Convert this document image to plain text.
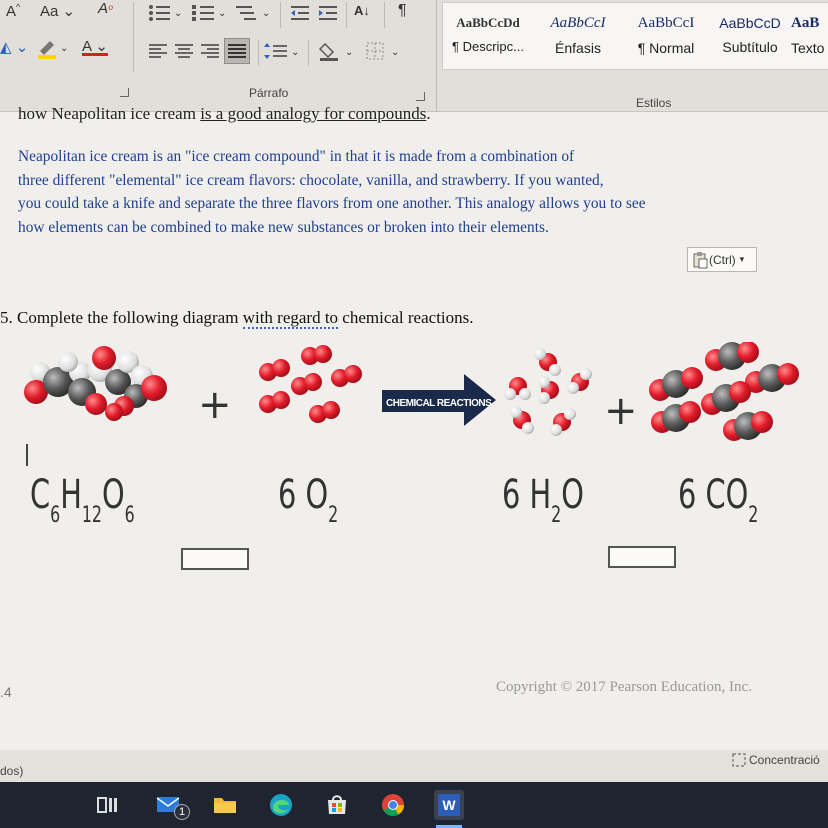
A^ Aa ⌄ Aᵒ
◭ ⌄	⌄ A ⌄
⌄	⌄	⌄	A↓ ¶
⌄	⌄	⌄
Párrafo
AaBbCcDd
¶ Descripc...
AaBbCcI
Énfasis
AaBbCcI
¶ Normal
AaBbCcD
Subtítulo
AaB
Texto
Estilos
how Neapolitan ice cream is a good analogy for compounds.
Neapolitan ice cream is an "ice cream compound" in that it is made from a combination of
three different "elemental" ice cream flavors: chocolate, vanilla, and strawberry. If you wanted,
you could take a knife and separate the three flavors from one another. This analogy allows you to see
how elements can be combined to make new substances or broken into their elements.
(Ctrl) ▾
5. Complete the following diagram with regard to chemical reactions.
+	+
CHEMICAL REACTIONS
$C_6H_{12}O_6$	6 $O_2$	6 $H_2O$ 6 $CO_2$
.4	Copyright © 2017 Pearson Education, Inc.
dos)
Concentració
1	W
